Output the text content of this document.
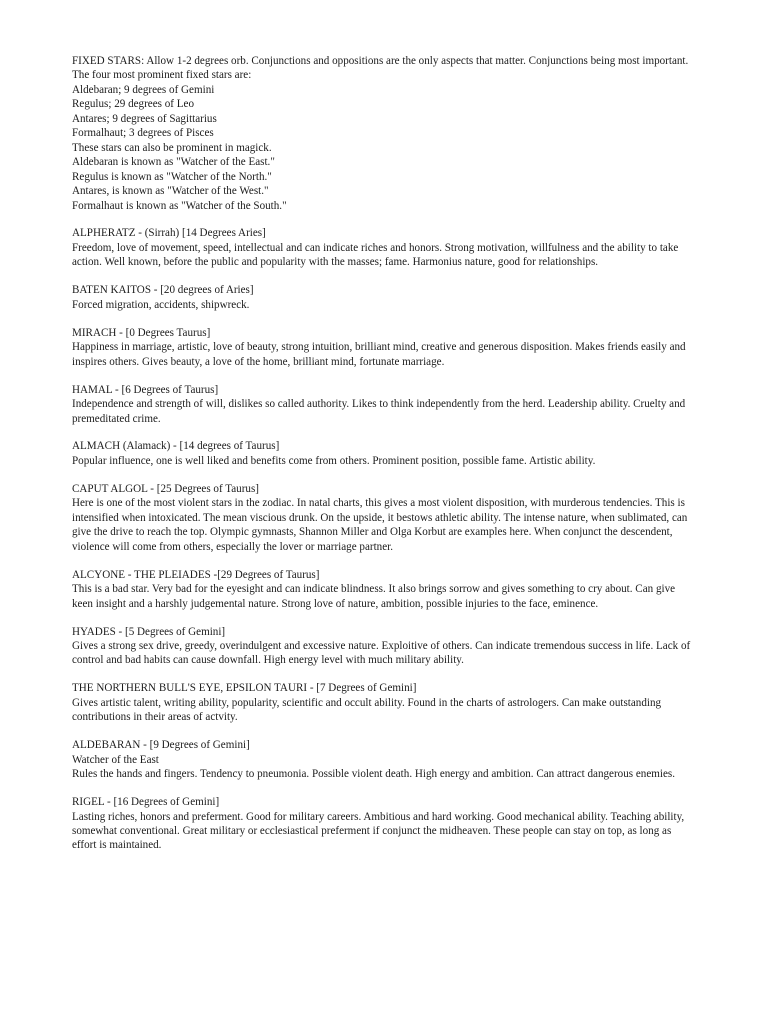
FIXED STARS: Allow 1-2 degrees orb. Conjunctions and oppositions are the only aspects that matter. Conjunctions being most important.
The four most prominent fixed stars are:
Aldebaran; 9 degrees of Gemini
Regulus; 29 degrees of Leo
Antares; 9 degrees of Sagittarius
Formalhaut; 3 degrees of Pisces
These stars can also be prominent in magick.
Aldebaran is known as "Watcher of the East."
Regulus is known as "Watcher of the North."
Antares, is known as "Watcher of the West."
Formalhaut is known as "Watcher of the South."
ALPHERATZ - (Sirrah) [14 Degrees Aries]
Freedom, love of movement, speed, intellectual and can indicate riches and honors. Strong motivation, willfulness and the ability to take action. Well known, before the public and popularity with the masses; fame. Harmonius nature, good for relationships.
BATEN KAITOS - [20 degrees of Aries]
Forced migration, accidents, shipwreck.
MIRACH - [0 Degrees Taurus]
Happiness in marriage, artistic, love of beauty, strong intuition, brilliant mind, creative and generous disposition. Makes friends easily and inspires others. Gives beauty, a love of the home, brilliant mind, fortunate marriage.
HAMAL - [6 Degrees of Taurus]
Independence and strength of will, dislikes so called authority. Likes to think independently from the herd. Leadership ability. Cruelty and premeditated crime.
ALMACH (Alamack) - [14 degrees of Taurus]
Popular influence, one is well liked and benefits come from others. Prominent position, possible fame. Artistic ability.
CAPUT ALGOL - [25 Degrees of Taurus]
Here is one of the most violent stars in the zodiac. In natal charts, this gives a most violent disposition, with murderous tendencies. This is intensified when intoxicated. The mean viscious drunk. On the upside, it bestows athletic ability. The intense nature, when sublimated, can give the drive to reach the top. Olympic gymnasts, Shannon Miller and Olga Korbut are examples here. When conjunct the descendent, violence will come from others, especially the lover or marriage partner.
ALCYONE - THE PLEIADES -[29 Degrees of Taurus]
This is a bad star. Very bad for the eyesight and can indicate blindness. It also brings sorrow and gives something to cry about. Can give keen insight and a harshly judgemental nature. Strong love of nature, ambition, possible injuries to the face, eminence.
HYADES - [5 Degrees of Gemini]
Gives a strong sex drive, greedy, overindulgent and excessive nature. Exploitive of others. Can indicate tremendous success in life. Lack of control and bad habits can cause downfall. High energy level with much military ability.
THE NORTHERN BULL'S EYE, EPSILON TAURI - [7 Degrees of Gemini]
Gives artistic talent, writing ability, popularity, scientific and occult ability. Found in the charts of astrologers. Can make outstanding contributions in their areas of actvity.
ALDEBARAN - [9 Degrees of Gemini]
Watcher of the East
Rules the hands and fingers. Tendency to pneumonia. Possible violent death. High energy and ambition. Can attract dangerous enemies.
RIGEL - [16 Degrees of Gemini]
Lasting riches, honors and preferment. Good for military careers. Ambitious and hard working. Good mechanical ability. Teaching ability, somewhat conventional. Great military or ecclesiastical preferment if conjunct the midheaven. These people can stay on top, as long as effort is maintained.
